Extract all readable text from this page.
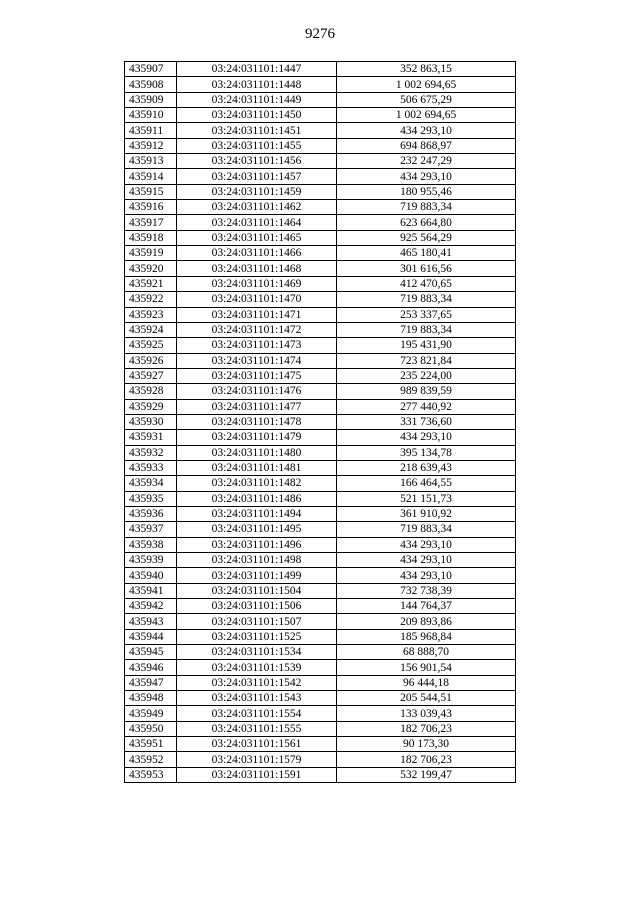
9276
435907	03:24:031101:1447	352 863,15
435908	03:24:031101:1448	1 002 694,65
435909	03:24:031101:1449	506 675,29
435910	03:24:031101:1450	1 002 694,65
435911	03:24:031101:1451	434 293,10
435912	03:24:031101:1455	694 868,97
435913	03:24:031101:1456	232 247,29
435914	03:24:031101:1457	434 293,10
435915	03:24:031101:1459	180 955,46
435916	03:24:031101:1462	719 883,34
435917	03:24:031101:1464	623 664,80
435918	03:24:031101:1465	925 564,29
435919	03:24:031101:1466	465 180,41
435920	03:24:031101:1468	301 616,56
435921	03:24:031101:1469	412 470,65
435922	03:24:031101:1470	719 883,34
435923	03:24:031101:1471	253 337,65
435924	03:24:031101:1472	719 883,34
435925	03:24:031101:1473	195 431,90
435926	03:24:031101:1474	723 821,84
435927	03:24:031101:1475	235 224,00
435928	03:24:031101:1476	989 839,59
435929	03:24:031101:1477	277 440,92
435930	03:24:031101:1478	331 736,60
435931	03:24:031101:1479	434 293,10
435932	03:24:031101:1480	395 134,78
435933	03:24:031101:1481	218 639,43
435934	03:24:031101:1482	166 464,55
435935	03:24:031101:1486	521 151,73
435936	03:24:031101:1494	361 910,92
435937	03:24:031101:1495	719 883,34
435938	03:24:031101:1496	434 293,10
435939	03:24:031101:1498	434 293,10
435940	03:24:031101:1499	434 293,10
435941	03:24:031101:1504	732 738,39
435942	03:24:031101:1506	144 764,37
435943	03:24:031101:1507	209 893,86
435944	03:24:031101:1525	185 968,84
435945	03:24:031101:1534	68 888,70
435946	03:24:031101:1539	156 901,54
435947	03:24:031101:1542	96 444,18
435948	03:24:031101:1543	205 544,51
435949	03:24:031101:1554	133 039,43
435950	03:24:031101:1555	182 706,23
435951	03:24:031101:1561	90 173,30
435952	03:24:031101:1579	182 706,23
435953	03:24:031101:1591	532 199,47
